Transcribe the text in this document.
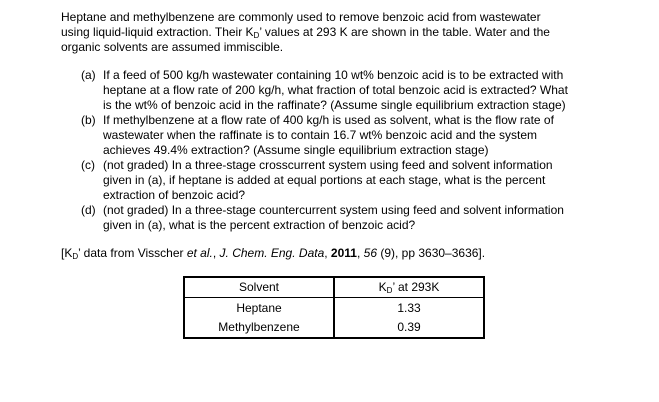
Heptane and methylbenzene are commonly used to remove benzoic acid from wastewater
using liquid-liquid extraction. Their KD’ values at 293 K are shown in the table. Water and the
organic solvents are assumed immiscible.

(a) If a feed of 500 kg/h wastewater containing 10 wt% benzoic acid is to be extracted with
heptane at a flow rate of 200 kg/h, what fraction of total benzoic acid is extracted? What
is the wt% of benzoic acid in the raffinate? (Assume single equilibrium extraction stage)
(b) If methylbenzene at a flow rate of 400 kg/h is used as solvent, what is the flow rate of
wastewater when the raffinate is to contain 16.7 wt% benzoic acid and the system
achieves 49.4% extraction? (Assume single equilibrium extraction stage)
(c) (not graded) In a three-stage crosscurrent system using feed and solvent information
given in (a), if heptane is added at equal portions at each stage, what is the percent
extraction of benzoic acid?
(d) (not graded) In a three-stage countercurrent system using feed and solvent information
given in (a), what is the percent extraction of benzoic acid?

[KD’ data from Visscher et al., J. Chem. Eng. Data, 2011, 56 (9), pp 3630–3636].

Solvent	KD’ at 293K
Heptane	1.33
Methylbenzene	0.39
